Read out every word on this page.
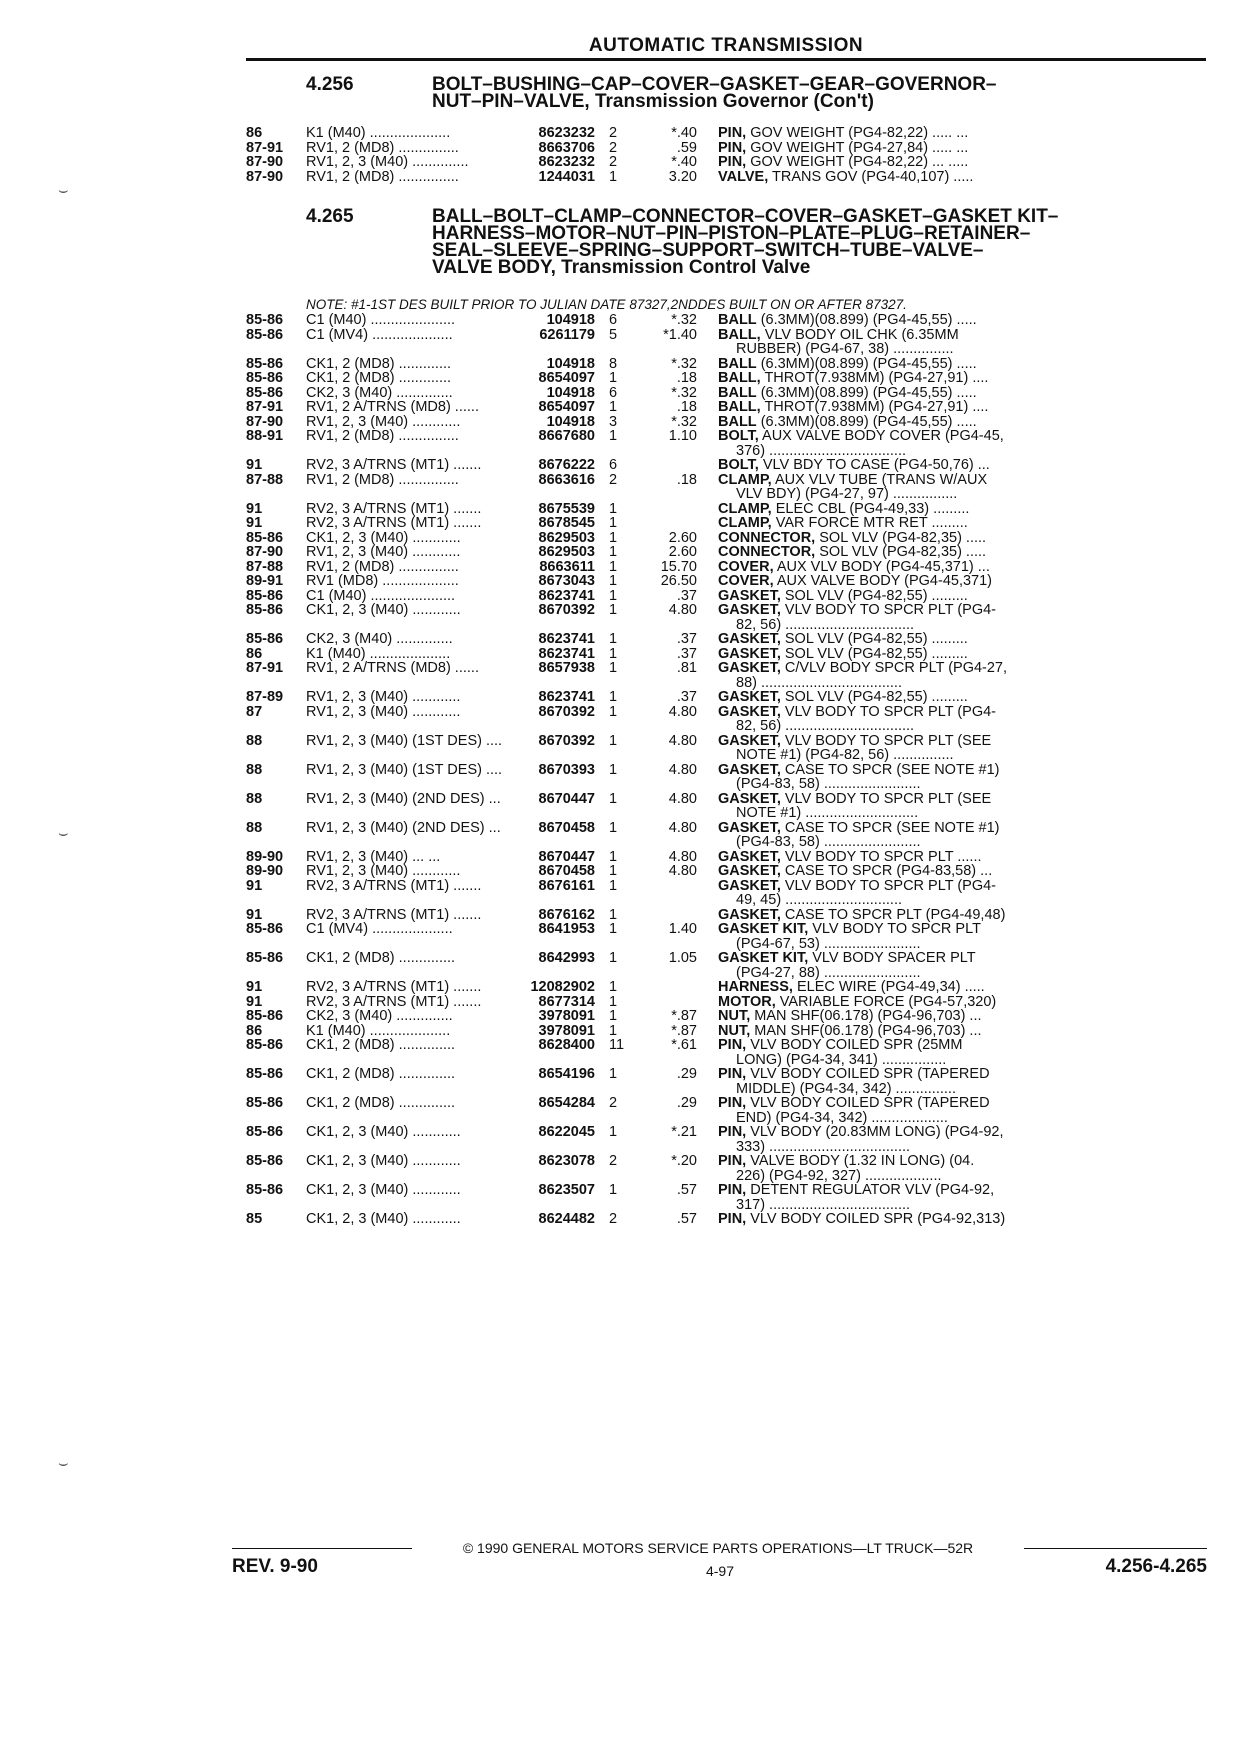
AUTOMATIC TRANSMISSION
4.256	BOLT–BUSHING–CAP–COVER–GASKET–GEAR–GOVERNOR–
NUT–PIN–VALVE, Transmission Governor (Con't)
86	K1 (M40) ....................	8623232 2	*.40	PIN, GOV WEIGHT (PG4-82,22) ..... ...
87-91	RV1, 2 (MD8) ...............	8663706 2	.59	PIN, GOV WEIGHT (PG4-27,84) ..... ...
87-90	RV1, 2, 3 (M40) ..............	8623232 2	*.40	PIN, GOV WEIGHT (PG4-82,22) ... .....
87-90	RV1, 2 (MD8) ...............	1244031 1	3.20	VALVE, TRANS GOV (PG4-40,107) .....
4.265	BALL–BOLT–CLAMP–CONNECTOR–COVER–GASKET–GASKET KIT–
HARNESS–MOTOR–NUT–PIN–PISTON–PLATE–PLUG–RETAINER–
SEAL–SLEEVE–SPRING–SUPPORT–SWITCH–TUBE–VALVE–
VALVE BODY, Transmission Control Valve
NOTE: #1-1ST DES BUILT PRIOR TO JULIAN DATE 87327,2NDDES BUILT ON OR AFTER 87327.
85-86	C1 (M40) .....................	104918 6	*.32	BALL (6.3MM)(08.899) (PG4-45,55) .....
85-86	C1 (MV4) ....................	6261179 5	*1.40	BALL, VLV BODY OIL CHK (6.35MM
RUBBER) (PG4-67, 38) ...............
85-86	CK1, 2 (MD8) .............	104918 8	*.32	BALL (6.3MM)(08.899) (PG4-45,55) .....
85-86	CK1, 2 (MD8) .............	8654097 1	.18	BALL, THROT(7.938MM) (PG4-27,91) ....
85-86	CK2, 3 (M40) ..............	104918 6	*.32	BALL (6.3MM)(08.899) (PG4-45,55) .....
87-91	RV1, 2 A/TRNS (MD8) ......	8654097 1	.18	BALL, THROT(7.938MM) (PG4-27,91) ....
87-90	RV1, 2, 3 (M40) ............	104918 3	*.32	BALL (6.3MM)(08.899) (PG4-45,55) .....
88-91	RV1, 2 (MD8) ...............	8667680 1	1.10	BOLT, AUX VALVE BODY COVER (PG4-45,
376) ..................................
91	RV2, 3 A/TRNS (MT1) .......	8676222 6	BOLT, VLV BDY TO CASE (PG4-50,76) ...
87-88	RV1, 2 (MD8) ...............	8663616 2	.18	CLAMP, AUX VLV TUBE (TRANS W/AUX
VLV BDY) (PG4-27, 97) ................
91	RV2, 3 A/TRNS (MT1) .......	8675539 1	CLAMP, ELEC CBL (PG4-49,33) .........
91	RV2, 3 A/TRNS (MT1) .......	8678545 1	CLAMP, VAR FORCE MTR RET .........
85-86	CK1, 2, 3 (M40) ............	8629503 1	2.60	CONNECTOR, SOL VLV (PG4-82,35) .....
87-90	RV1, 2, 3 (M40) ............	8629503 1	2.60	CONNECTOR, SOL VLV (PG4-82,35) .....
87-88	RV1, 2 (MD8) ...............	8663611 1	15.70	COVER, AUX VLV BODY (PG4-45,371) ...
89-91	RV1 (MD8) ...................	8673043 1	26.50	COVER, AUX VALVE BODY (PG4-45,371)
85-86	C1 (M40) .....................	8623741 1	.37	GASKET, SOL VLV (PG4-82,55) .........
85-86	CK1, 2, 3 (M40) ............	8670392 1	4.80	GASKET, VLV BODY TO SPCR PLT (PG4-
82, 56) ................................
85-86	CK2, 3 (M40) ..............	8623741 1	.37	GASKET, SOL VLV (PG4-82,55) .........
86	K1 (M40) ....................	8623741 1	.37	GASKET, SOL VLV (PG4-82,55) .........
87-91	RV1, 2 A/TRNS (MD8) ......	8657938 1	.81	GASKET, C/VLV BODY SPCR PLT (PG4-27,
88) ...................................
87-89	RV1, 2, 3 (M40) ............	8623741 1	.37	GASKET, SOL VLV (PG4-82,55) .........
87	RV1, 2, 3 (M40) ............	8670392 1	4.80	GASKET, VLV BODY TO SPCR PLT (PG4-
82, 56) ................................
88	RV1, 2, 3 (M40) (1ST DES) ....	8670392 1	4.80	GASKET, VLV BODY TO SPCR PLT (SEE
NOTE #1) (PG4-82, 56) ...............
88	RV1, 2, 3 (M40) (1ST DES) ....	8670393 1	4.80	GASKET, CASE TO SPCR (SEE NOTE #1)
(PG4-83, 58) ........................
88	RV1, 2, 3 (M40) (2ND DES) ...	8670447 1	4.80	GASKET, VLV BODY TO SPCR PLT (SEE
NOTE #1) ............................
88	RV1, 2, 3 (M40) (2ND DES) ...	8670458 1	4.80	GASKET, CASE TO SPCR (SEE NOTE #1)
(PG4-83, 58) ........................
89-90	RV1, 2, 3 (M40) ... ...	8670447 1	4.80	GASKET, VLV BODY TO SPCR PLT ......
89-90	RV1, 2, 3 (M40) ............	8670458 1	4.80	GASKET, CASE TO SPCR (PG4-83,58) ...
91	RV2, 3 A/TRNS (MT1) .......	8676161 1	GASKET, VLV BODY TO SPCR PLT (PG4-
49, 45) .............................
91	RV2, 3 A/TRNS (MT1) .......	8676162 1	GASKET, CASE TO SPCR PLT (PG4-49,48)
85-86	C1 (MV4) ....................	8641953 1	1.40	GASKET KIT, VLV BODY TO SPCR PLT
(PG4-67, 53) ........................
85-86	CK1, 2 (MD8) ..............	8642993 1	1.05	GASKET KIT, VLV BODY SPACER PLT
(PG4-27, 88) ........................
91	RV2, 3 A/TRNS (MT1) .......	12082902 1	HARNESS, ELEC WIRE (PG4-49,34) .....
91	RV2, 3 A/TRNS (MT1) .......	8677314 1	MOTOR, VARIABLE FORCE (PG4-57,320)
85-86	CK2, 3 (M40) ..............	3978091 1	*.87	NUT, MAN SHF(06.178) (PG4-96,703) ...
86	K1 (M40) ....................	3978091 1	*.87	NUT, MAN SHF(06.178) (PG4-96,703) ...
85-86	CK1, 2 (MD8) ..............	8628400 11	*.61	PIN, VLV BODY COILED SPR (25MM
LONG) (PG4-34, 341) ................
85-86	CK1, 2 (MD8) ..............	8654196 1	.29	PIN, VLV BODY COILED SPR (TAPERED
MIDDLE) (PG4-34, 342) ...............
85-86	CK1, 2 (MD8) ..............	8654284 2	.29	PIN, VLV BODY COILED SPR (TAPERED
END) (PG4-34, 342) ...................
85-86	CK1, 2, 3 (M40) ............	8622045 1	*.21	PIN, VLV BODY (20.83MM LONG) (PG4-92,
333) ...................................
85-86	CK1, 2, 3 (M40) ............	8623078 2	*.20	PIN, VALVE BODY (1.32 IN LONG) (04.
226) (PG4-92, 327) ...................
85-86	CK1, 2, 3 (M40) ............	8623507 1	.57	PIN, DETENT REGULATOR VLV (PG4-92,
317) ...................................
85	CK1, 2, 3 (M40) ............	8624482 2	.57	PIN, VLV BODY COILED SPR (PG4-92,313)
© 1990 GENERAL MOTORS SERVICE PARTS OPERATIONS—LT TRUCK—52R
REV. 9-90	4-97	4.256-4.265
⌣
⌣
⌣
